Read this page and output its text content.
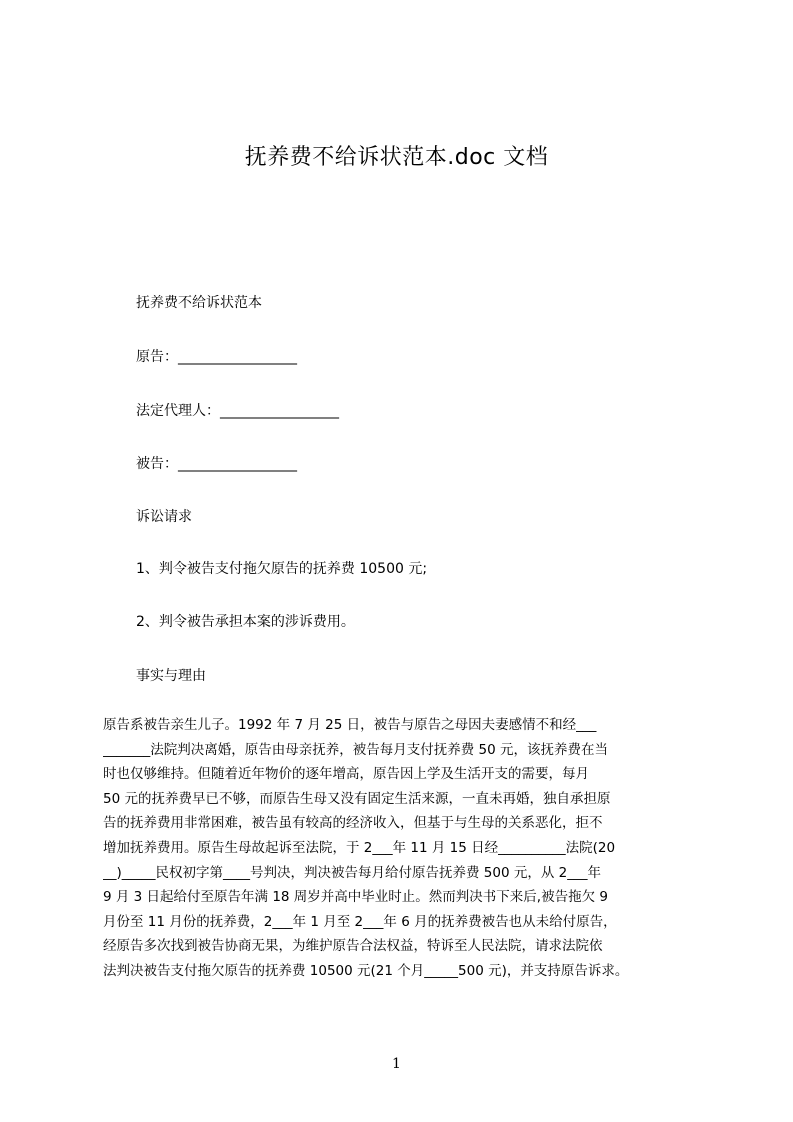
抚养费不给诉状范本.doc 文档
抚养费不给诉状范本
原告：_________________
法定代理人：_________________
被告：_________________
诉讼请求
1、判令被告支付拖欠原告的抚养费 10500 元;
2、判令被告承担本案的涉诉费用。
事实与理由
原告系被告亲生儿子。1992 年 7 月 25 日，被告与原告之母因夫妻感情不和经___
_______法院判决离婚，原告由母亲抚养，被告每月支付抚养费 50 元，该抚养费在当
时也仅够维持。但随着近年物价的逐年增高，原告因上学及生活开支的需要，每月
50 元的抚养费早已不够，而原告生母又没有固定生活来源，一直未再婚，独自承担原
告的抚养费用非常困难，被告虽有较高的经济收入，但基于与生母的关系恶化，拒不
增加抚养费用。原告生母故起诉至法院，于 2___年 11 月 15 日经__________法院(20
__)_____民权初字第____号判决，判决被告每月给付原告抚养费 500 元，从 2___年
9 月 3 日起给付至原告年满 18 周岁并高中毕业时止。然而判决书下来后,被告拖欠 9
月份至 11 月份的抚养费，2___年 1 月至 2___年 6 月的抚养费被告也从未给付原告，
经原告多次找到被告协商无果，为维护原告合法权益，特诉至人民法院，请求法院依
法判决被告支付拖欠原告的抚养费 10500 元(21 个月_____500 元)，并支持原告诉求。
1
